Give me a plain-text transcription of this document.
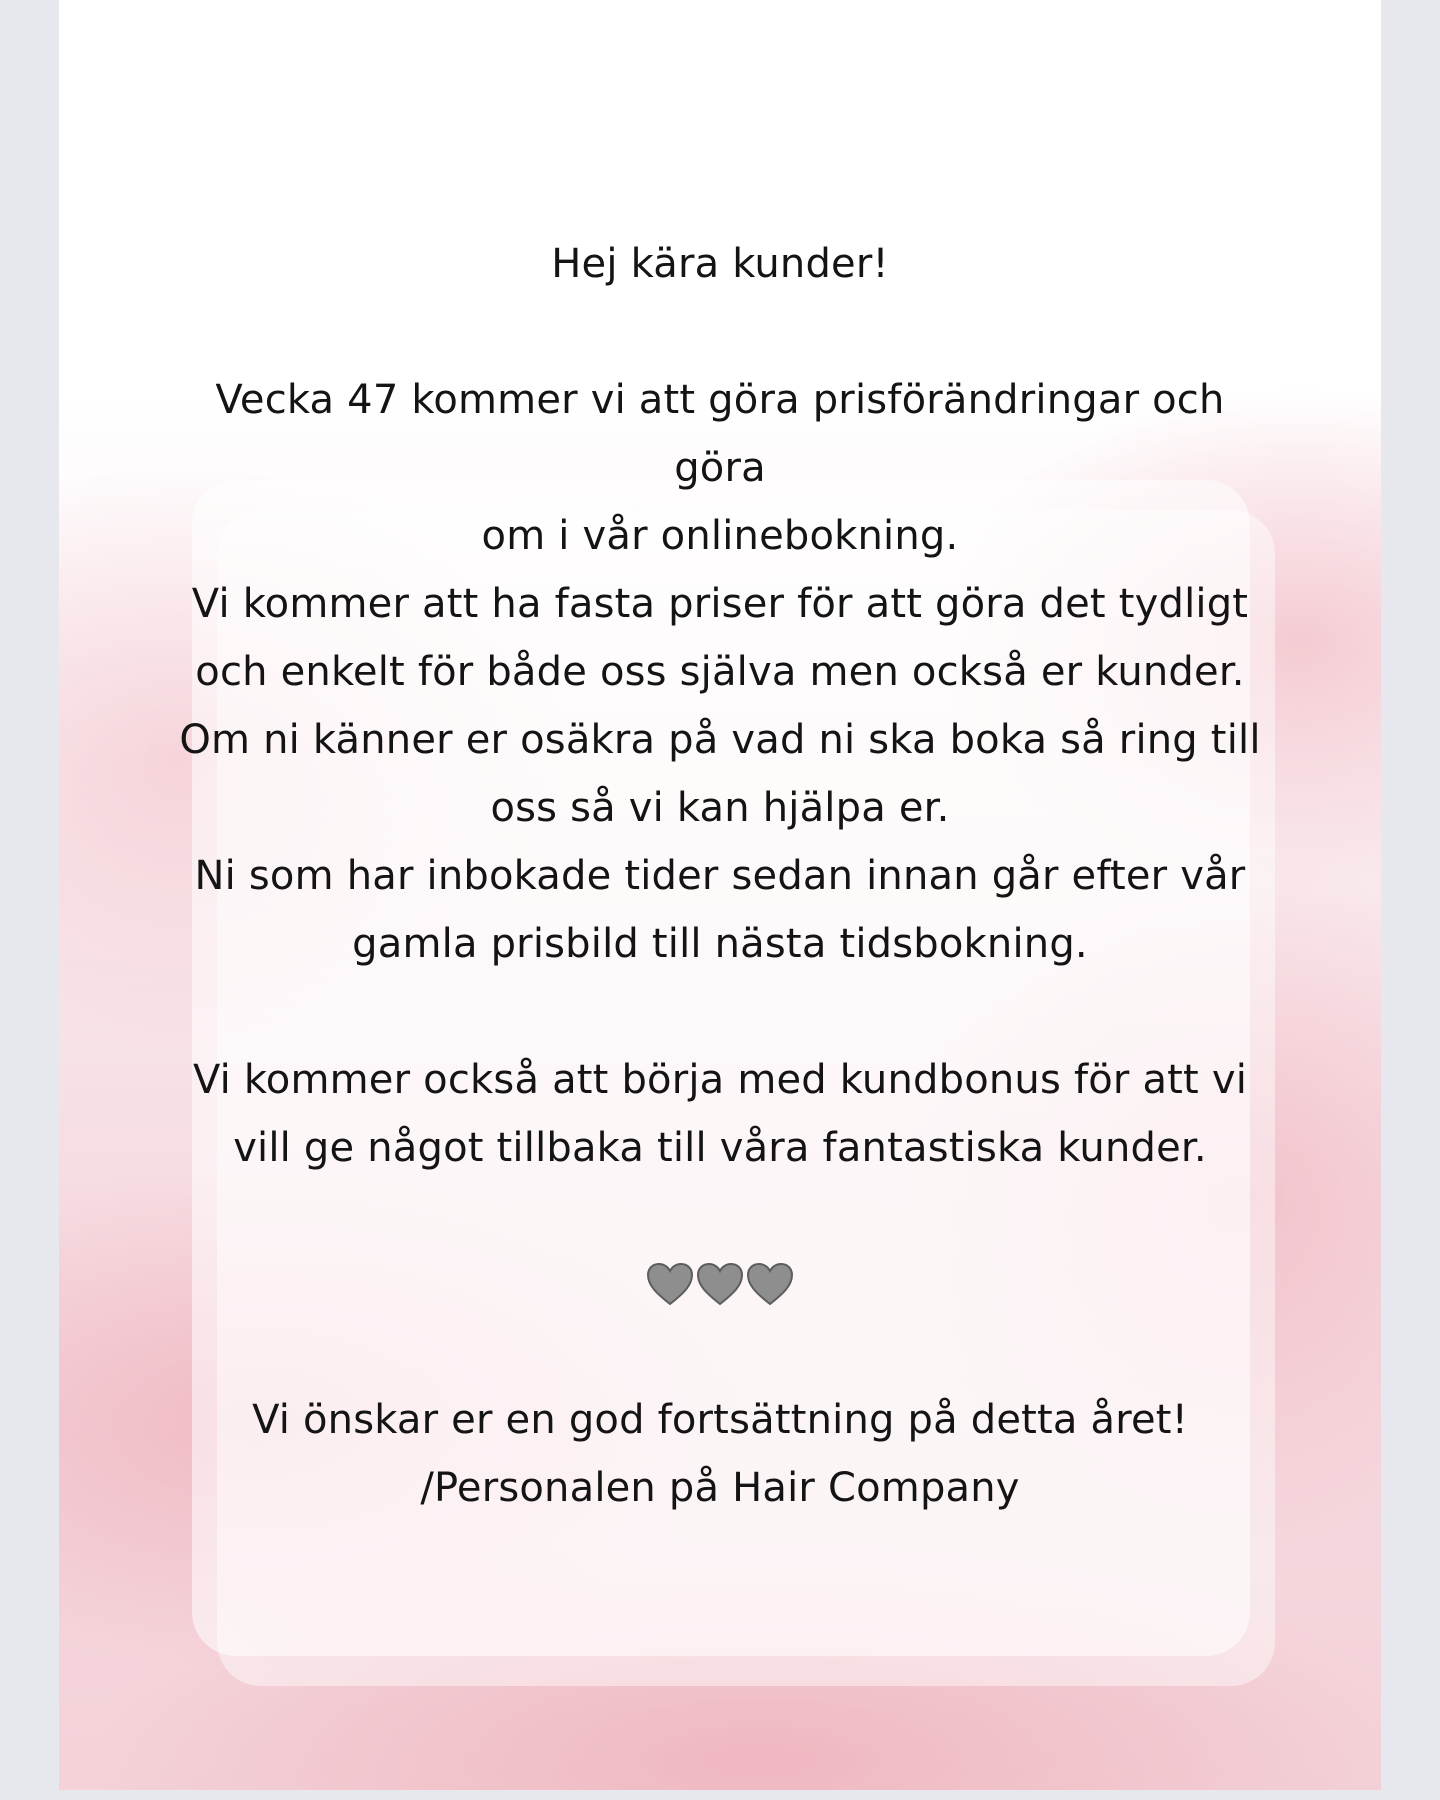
Hej kära kunder!

Vecka 47 kommer vi att göra prisförändringar och göra

om i vår onlinebokning.

Vi kommer att ha fasta priser för att göra det tydligt

och enkelt för både oss själva men också er kunder.

Om ni känner er osäkra på vad ni ska boka så ring till

oss så vi kan hjälpa er.

Ni som har inbokade tider sedan innan går efter vår

gamla prisbild till nästa tidsbokning.

Vi kommer också att börja med kundbonus för att vi

vill ge något tillbaka till våra fantastiska kunder.

Vi önskar er en god fortsättning på detta året!

/Personalen på Hair Company
